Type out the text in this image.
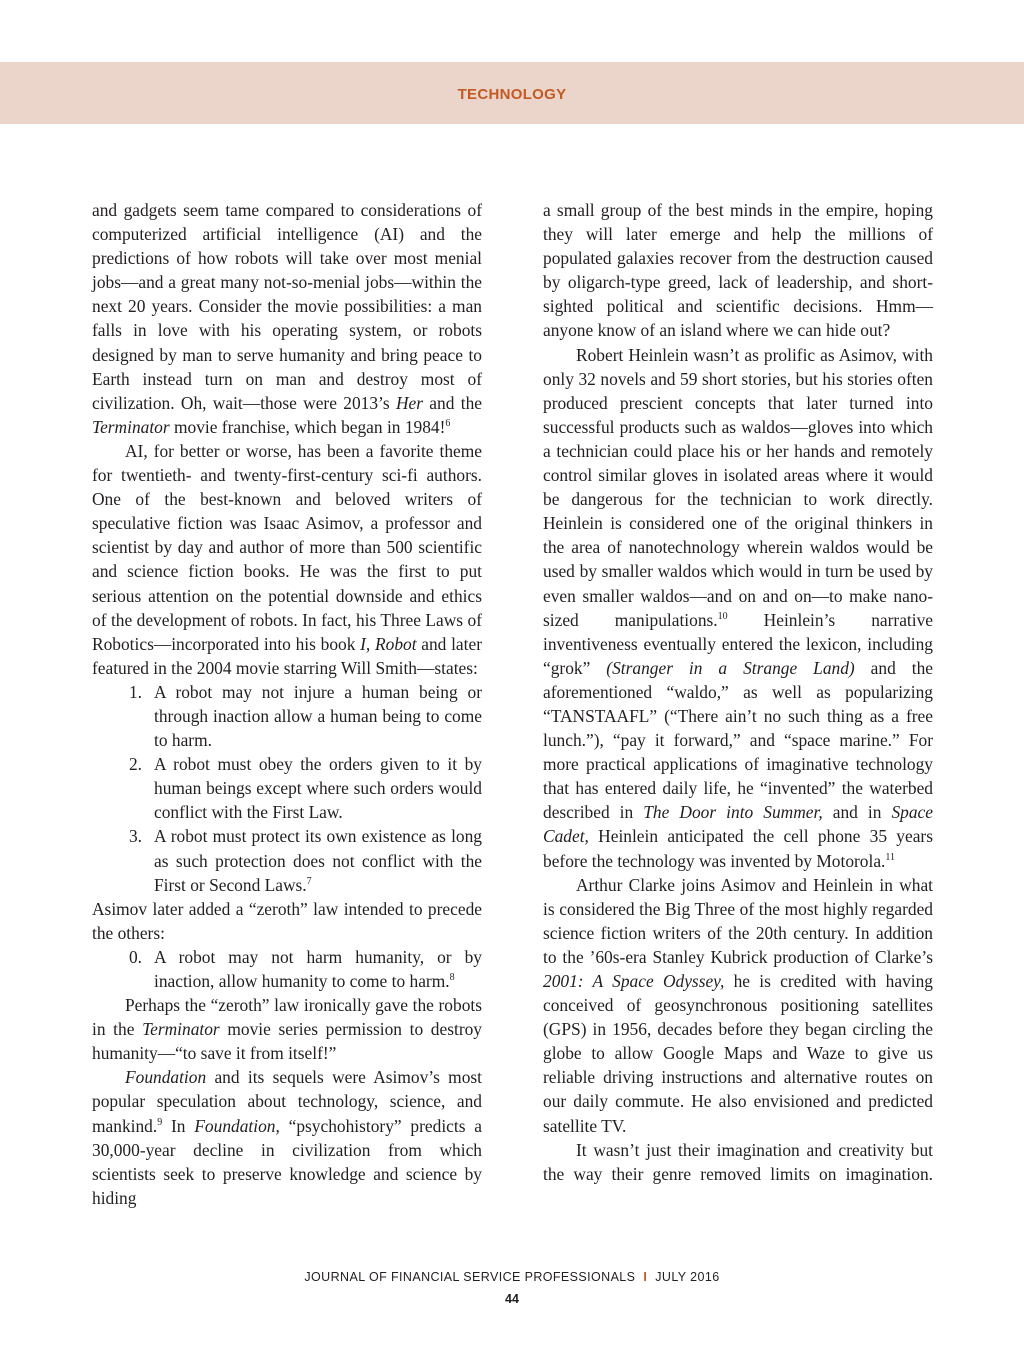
TECHNOLOGY

and gadgets seem tame compared to considerations of computerized artificial intelligence (AI) and the predictions of how robots will take over most menial jobs—and a great many not-so-menial jobs—within the next 20 years. Consider the movie possibilities: a man falls in love with his operating system, or robots designed by man to serve humanity and bring peace to Earth instead turn on man and destroy most of civilization. Oh, wait—those were 2013’s Her and the Terminator movie franchise, which began in 1984!$^6$

AI, for better or worse, has been a favorite theme for twentieth- and twenty-first-century sci-fi authors. One of the best-known and beloved writers of speculative fiction was Isaac Asimov, a professor and scientist by day and author of more than 500 scientific and science fiction books. He was the first to put serious attention on the potential downside and ethics of the development of robots. In fact, his Three Laws of Robotics—incorporated into his book I, Robot and later featured in the 2004 movie starring Will Smith—states:

1. A robot may not injure a human being or through inaction allow a human being to come to harm.
2. A robot must obey the orders given to it by human beings except where such orders would conflict with the First Law.
3. A robot must protect its own existence as long as such protection does not conflict with the First or Second Laws.$^7$

Asimov later added a “zeroth” law intended to precede the others:

0. A robot may not harm humanity, or by inaction, allow humanity to come to harm.$^8$

Perhaps the “zeroth” law ironically gave the robots in the Terminator movie series permission to destroy humanity—“to save it from itself!”

Foundation and its sequels were Asimov’s most popular speculation about technology, science, and mankind.$^9$ In Foundation, “psychohistory” predicts a 30,000-year decline in civilization from which scientists seek to preserve knowledge and science by hiding

a small group of the best minds in the empire, hoping they will later emerge and help the millions of populated galaxies recover from the destruction caused by oligarch-type greed, lack of leadership, and short-sighted political and scientific decisions. Hmm—anyone know of an island where we can hide out?

Robert Heinlein wasn’t as prolific as Asimov, with only 32 novels and 59 short stories, but his stories often produced prescient concepts that later turned into successful products such as waldos—gloves into which a technician could place his or her hands and remotely control similar gloves in isolated areas where it would be dangerous for the technician to work directly. Heinlein is considered one of the original thinkers in the area of nanotechnology wherein waldos would be used by smaller waldos which would in turn be used by even smaller waldos—and on and on—to make nano-sized manipulations.$^{10}$ Heinlein’s narrative inventiveness eventually entered the lexicon, including “grok” (Stranger in a Strange Land) and the aforementioned “waldo,” as well as popularizing “TANSTAAFL” (“There ain’t no such thing as a free lunch.”), “pay it forward,” and “space marine.” For more practical applications of imaginative technology that has entered daily life, he “invented” the waterbed described in The Door into Summer, and in Space Cadet, Heinlein anticipated the cell phone 35 years before the technology was invented by Motorola.$^{11}$

Arthur Clarke joins Asimov and Heinlein in what is considered the Big Three of the most highly regarded science fiction writers of the 20th century. In addition to the ’60s-era Stanley Kubrick production of Clarke’s 2001: A Space Odyssey, he is credited with having conceived of geosynchronous positioning satellites (GPS) in 1956, decades before they began circling the globe to allow Google Maps and Waze to give us reliable driving instructions and alternative routes on our daily commute. He also envisioned and predicted satellite TV.

It wasn’t just their imagination and creativity but the way their genre removed limits on imagination.

JOURNAL OF FINANCIAL SERVICE PROFESSIONALS I JULY 2016
44
